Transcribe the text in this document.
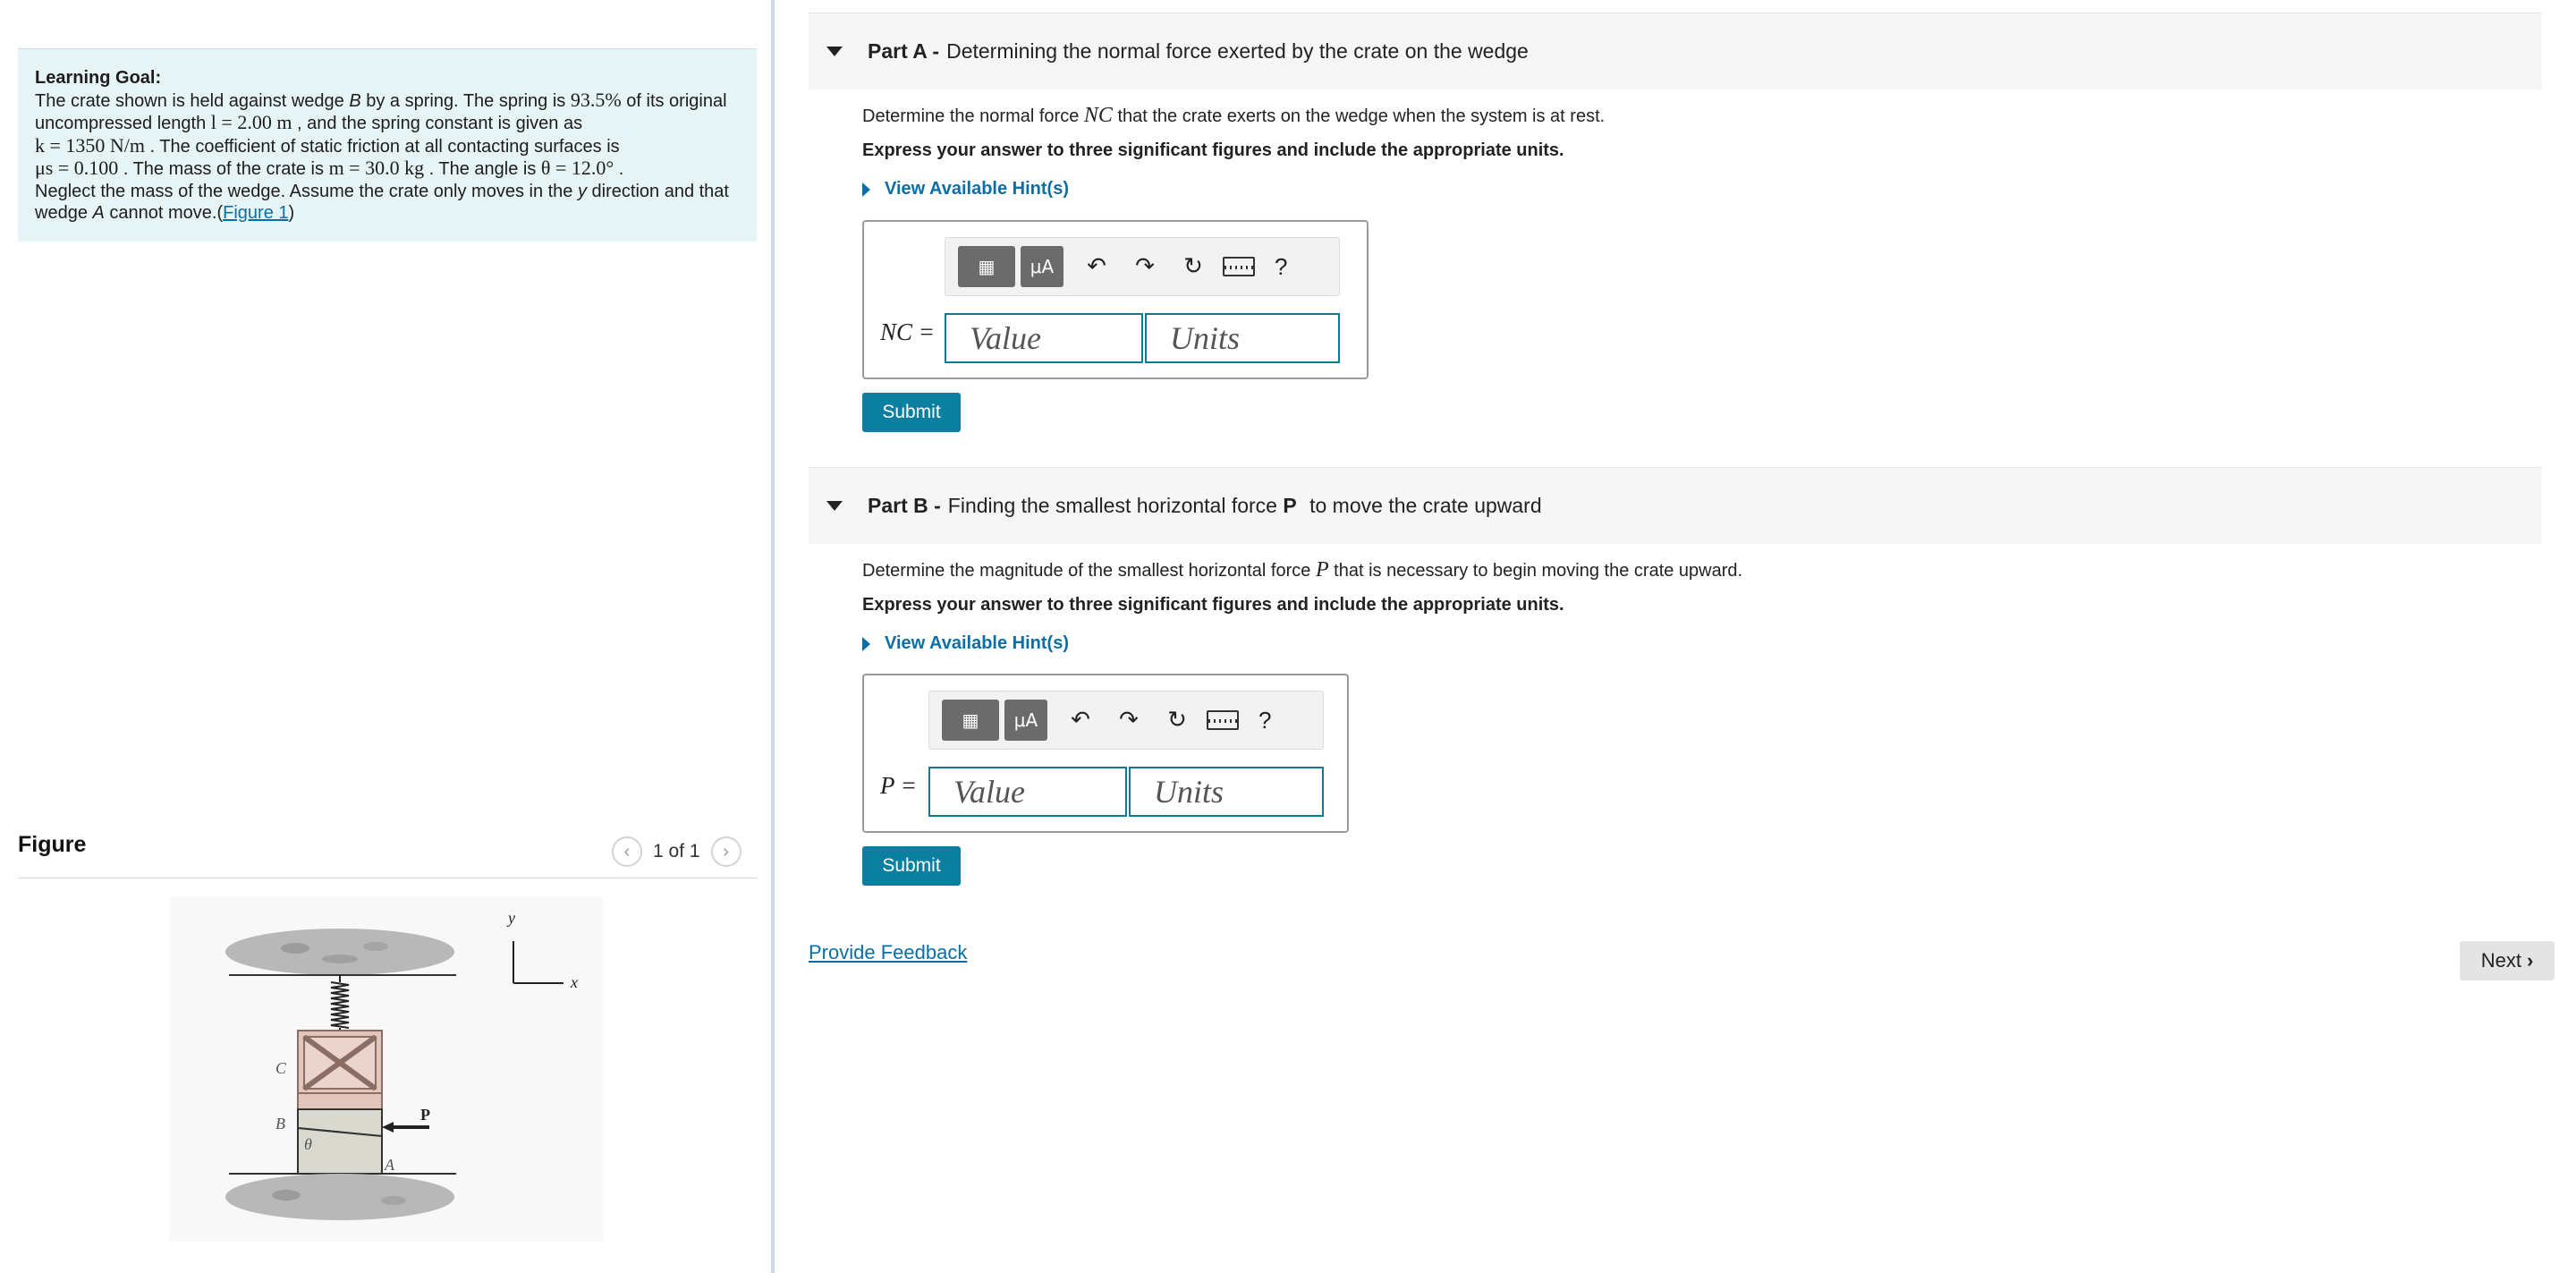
Learning Goal:
The crate shown is held against wedge B by a spring. The spring is 93.5% of its original
uncompressed length l = 2.00 m , and the spring constant is given as
k = 1350 N/m . The coefficient of static friction at all contacting surfaces is
μs = 0.100 . The mass of the crate is m = 30.0 kg . The angle is θ = 12.0° .
Neglect the mass of the wedge. Assume the crate only moves in the y direction and that
wedge A cannot move.(Figure 1)
Figure	‹	1 of 1	›
y
x
C
B	P
θ
A
Part A - Determining the normal force exerted by the crate on the wedge
Determine the normal force NC that the crate exerts on the wedge when the system is at rest.
Express your answer to three significant figures and include the appropriate units.
View Available Hint(s)
▦	μA	↶ ↷ ↻	?
NC =	Value	Units
Submit
Part B - Finding the smallest horizontal force P to move the crate upward
Determine the magnitude of the smallest horizontal force P that is necessary to begin moving the crate upward.
Express your answer to three significant figures and include the appropriate units.
View Available Hint(s)
▦	μA	↶ ↷ ↻	?
P =	Value	Units
Submit
Provide Feedback	Next ›
